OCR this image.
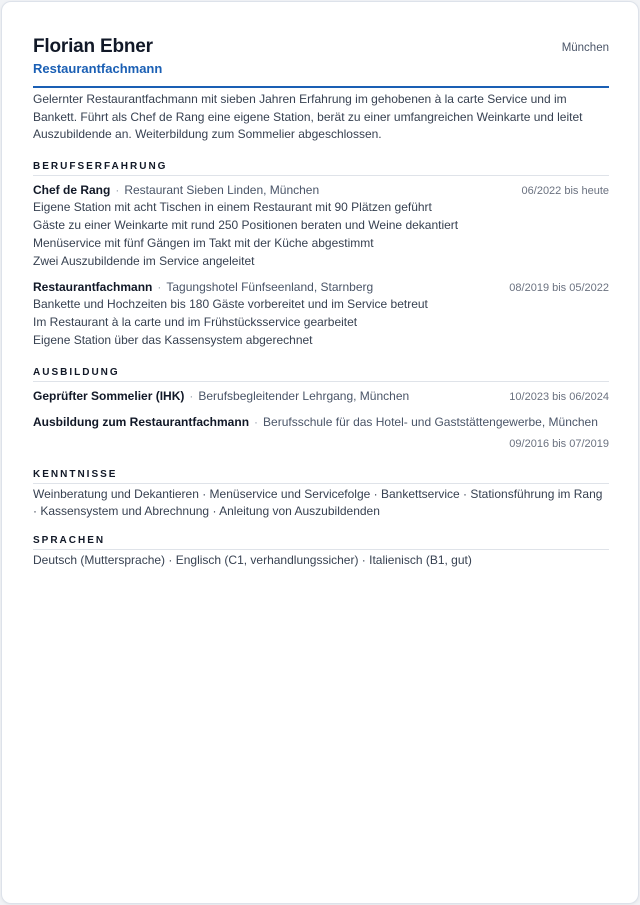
Florian Ebner
Restaurantfachmann
München
Gelernter Restaurantfachmann mit sieben Jahren Erfahrung im gehobenen à la carte Service und im Bankett. Führt als Chef de Rang eine eigene Station, berät zu einer umfangreichen Weinkarte und leitet Auszubildende an. Weiterbildung zum Sommelier abgeschlossen.
BERUFSERFAHRUNG
Chef de Rang · Restaurant Sieben Linden, München	06/2022 bis heute
Eigene Station mit acht Tischen in einem Restaurant mit 90 Plätzen geführt
Gäste zu einer Weinkarte mit rund 250 Positionen beraten und Weine dekantiert
Menüservice mit fünf Gängen im Takt mit der Küche abgestimmt
Zwei Auszubildende im Service angeleitet
Restaurantfachmann · Tagungshotel Fünfseenland, Starnberg	08/2019 bis 05/2022
Bankette und Hochzeiten bis 180 Gäste vorbereitet und im Service betreut
Im Restaurant à la carte und im Frühstücksservice gearbeitet
Eigene Station über das Kassensystem abgerechnet
AUSBILDUNG
Geprüfter Sommelier (IHK) · Berufsbegleitender Lehrgang, München	10/2023 bis 06/2024
Ausbildung zum Restaurantfachmann · Berufsschule für das Hotel- und Gaststättengewerbe, München
09/2016 bis 07/2019
KENNTNISSE
Weinberatung und Dekantieren · Menüservice und Servicefolge · Bankettservice · Stationsführung im Rang · Kassensystem und Abrechnung · Anleitung von Auszubildenden
SPRACHEN
Deutsch (Muttersprache) · Englisch (C1, verhandlungssicher) · Italienisch (B1, gut)
